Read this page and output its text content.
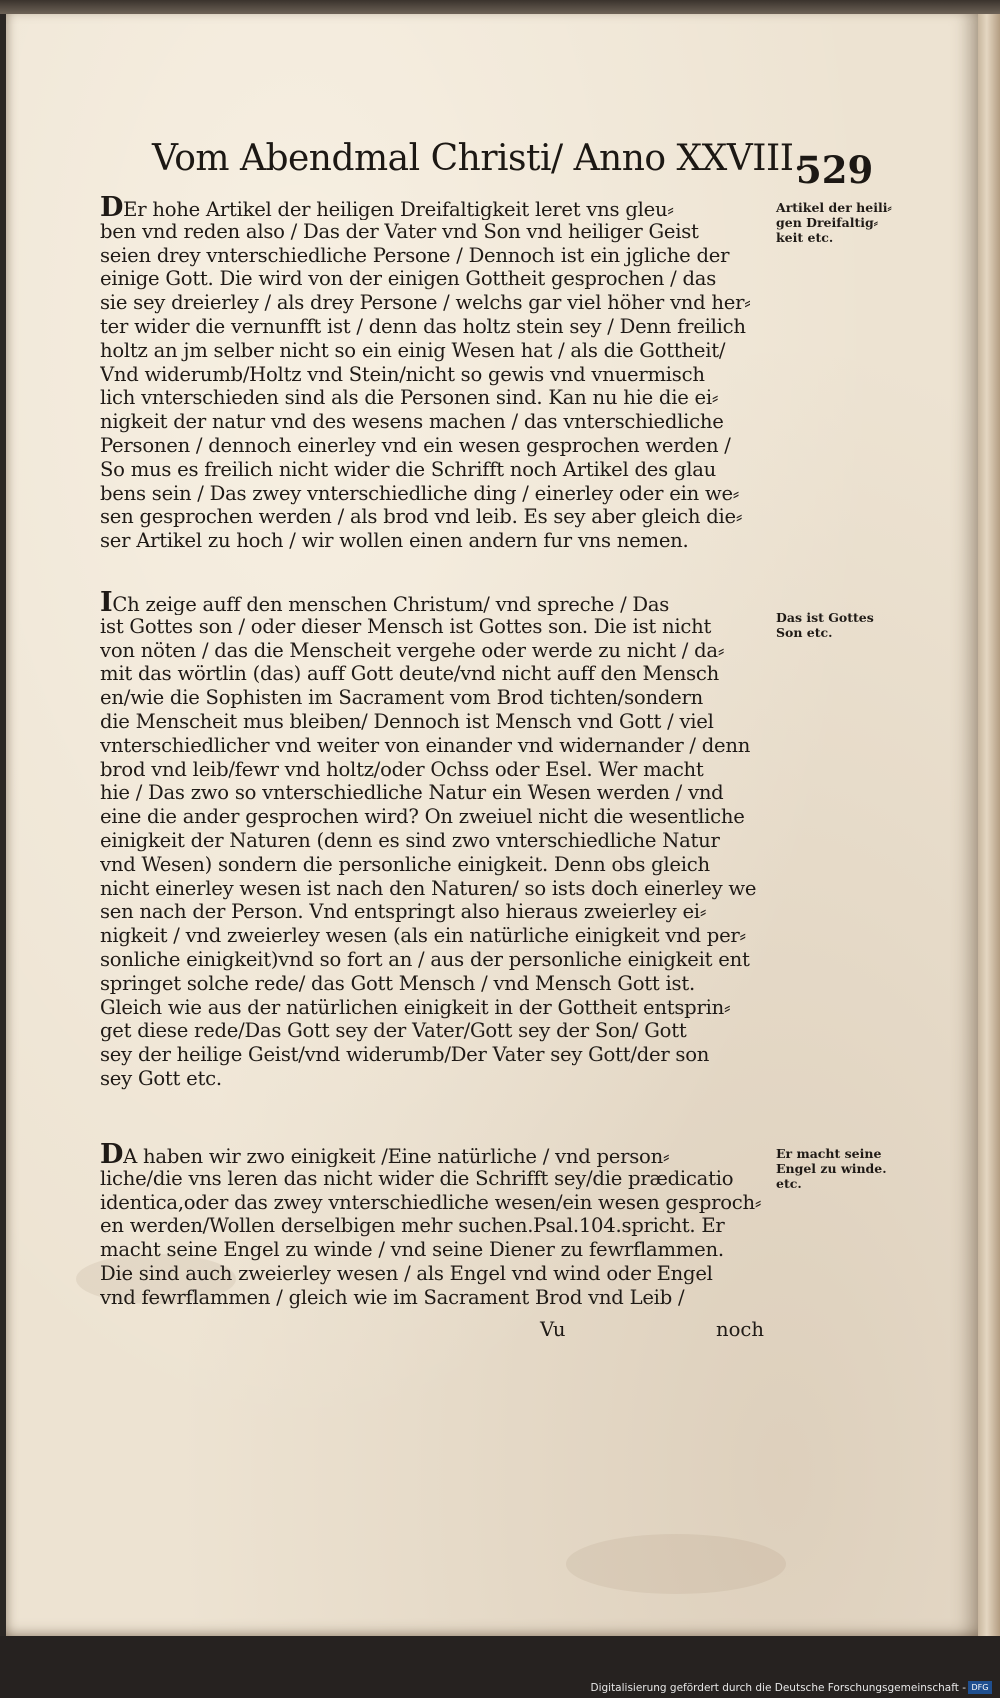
Vom Abendmal Christi/ Anno XXVIII.
529
DEr hohe Artikel der heiligen Dreifaltigkeit leret vns gleu⸗
ben vnd reden also / Das der Vater vnd Son vnd heiliger Geist
seien drey vnterschiedliche Persone / Dennoch ist ein jgliche der
einige Gott. Die wird von der einigen Gottheit gesprochen / das
sie sey dreierley / als drey Persone / welchs gar viel höher vnd her⸗
ter wider die vernunfft ist / denn das holtz stein sey / Denn freilich
holtz an jm selber nicht so ein einig Wesen hat / als die Gottheit/
Vnd widerumb/Holtz vnd Stein/nicht so gewis vnd vnuermisch
lich vnterschieden sind als die Personen sind. Kan nu hie die ei⸗
nigkeit der natur vnd des wesens machen / das vnterschiedliche
Personen / dennoch einerley vnd ein wesen gesprochen werden /
So mus es freilich nicht wider die Schrifft noch Artikel des glau
bens sein / Das zwey vnterschiedliche ding / einerley oder ein we⸗
sen gesprochen werden / als brod vnd leib. Es sey aber gleich die⸗
ser Artikel zu hoch / wir wollen einen andern fur vns nemen.
ICh zeige auff den menschen Christum/ vnd spreche / Das
ist Gottes son / oder dieser Mensch ist Gottes son. Die ist nicht
von nöten / das die Menscheit vergehe oder werde zu nicht / da⸗
mit das wörtlin (das) auff Gott deute/vnd nicht auff den Mensch
en/wie die Sophisten im Sacrament vom Brod tichten/sondern
die Menscheit mus bleiben/ Dennoch ist Mensch vnd Gott / viel
vnterschiedlicher vnd weiter von einander vnd widernander / denn
brod vnd leib/fewr vnd holtz/oder Ochss oder Esel. Wer macht
hie / Das zwo so vnterschiedliche Natur ein Wesen werden / vnd
eine die ander gesprochen wird? On zweiuel nicht die wesentliche
einigkeit der Naturen (denn es sind zwo vnterschiedliche Natur
vnd Wesen) sondern die personliche einigkeit. Denn obs gleich
nicht einerley wesen ist nach den Naturen/ so ists doch einerley we
sen nach der Person. Vnd entspringt also hieraus zweierley ei⸗
nigkeit / vnd zweierley wesen (als ein natürliche einigkeit vnd per⸗
sonliche einigkeit)vnd so fort an / aus der personliche einigkeit ent
springet solche rede/ das Gott Mensch / vnd Mensch Gott ist.
Gleich wie aus der natürlichen einigkeit in der Gottheit entsprin⸗
get diese rede/Das Gott sey der Vater/Gott sey der Son/ Gott
sey der heilige Geist/vnd widerumb/Der Vater sey Gott/der son
sey Gott etc.
DA haben wir zwo einigkeit /Eine natürliche / vnd person⸗
liche/die vns leren das nicht wider die Schrifft sey/die prædicatio
identica,oder das zwey vnterschiedliche wesen/ein wesen gesproch⸗
en werden/Wollen derselbigen mehr suchen.Psal.104.spricht. Er
macht seine Engel zu winde / vnd seine Diener zu fewrflammen.
Die sind auch zweierley wesen / als Engel vnd wind oder Engel
vnd fewrflammen / gleich wie im Sacrament Brod vnd Leib /
Artikel der heili⸗
gen Dreifaltig⸗
keit etc.
Das ist Gottes
Son etc.
Er macht seine
Engel zu winde.
etc.
Vu	noch
Digitalisierung gefördert durch die Deutsche Forschungsgemeinschaft - DFG
